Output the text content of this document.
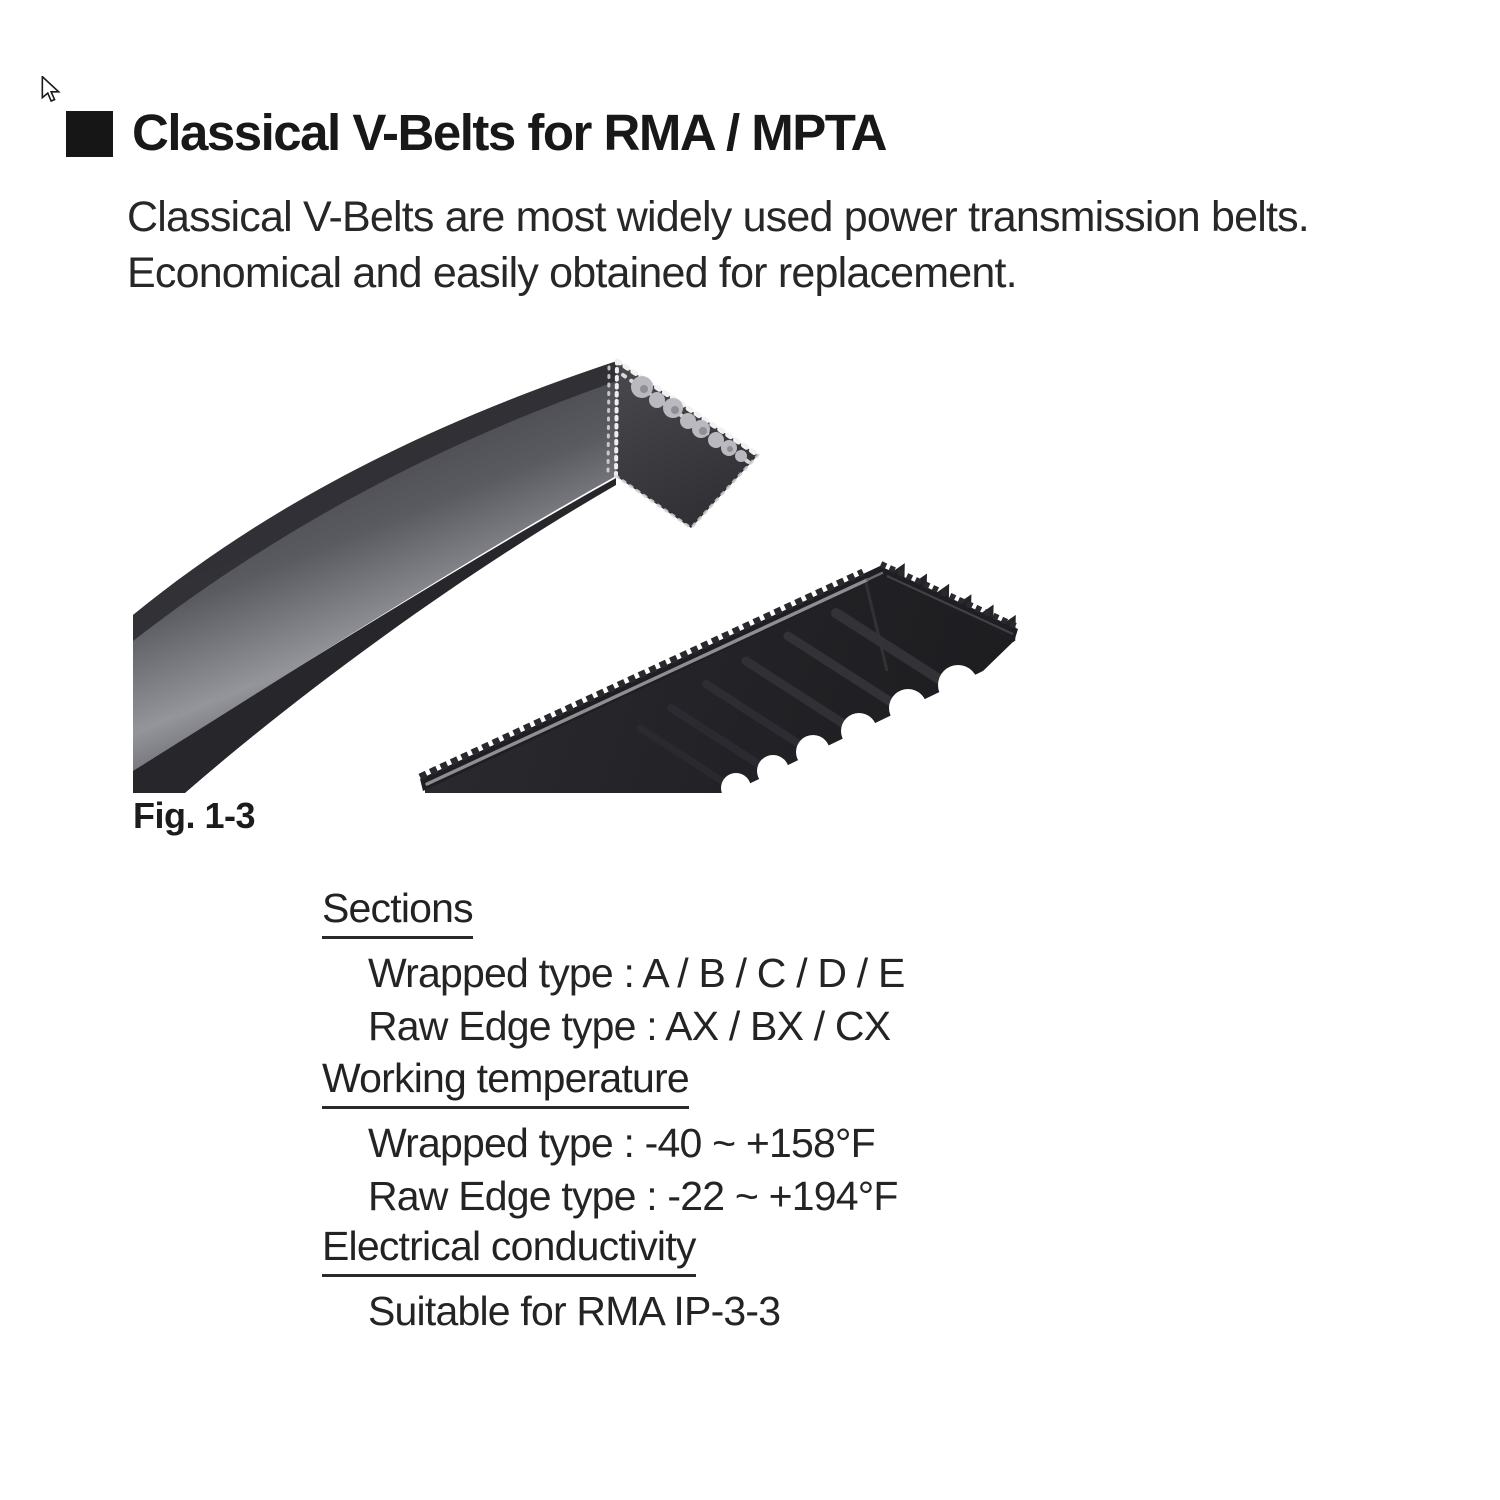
Classical V-Belts for RMA / MPTA
Classical V-Belts are most widely used power transmission belts.
Economical and easily obtained for replacement.
Fig. 1-3
Sections
Wrapped type : A / B / C / D / E
Raw Edge type : AX / BX / CX
Working temperature
Wrapped type : -40 ~ +158°F
Raw Edge type : -22 ~ +194°F
Electrical conductivity
Suitable for RMA IP-3-3
